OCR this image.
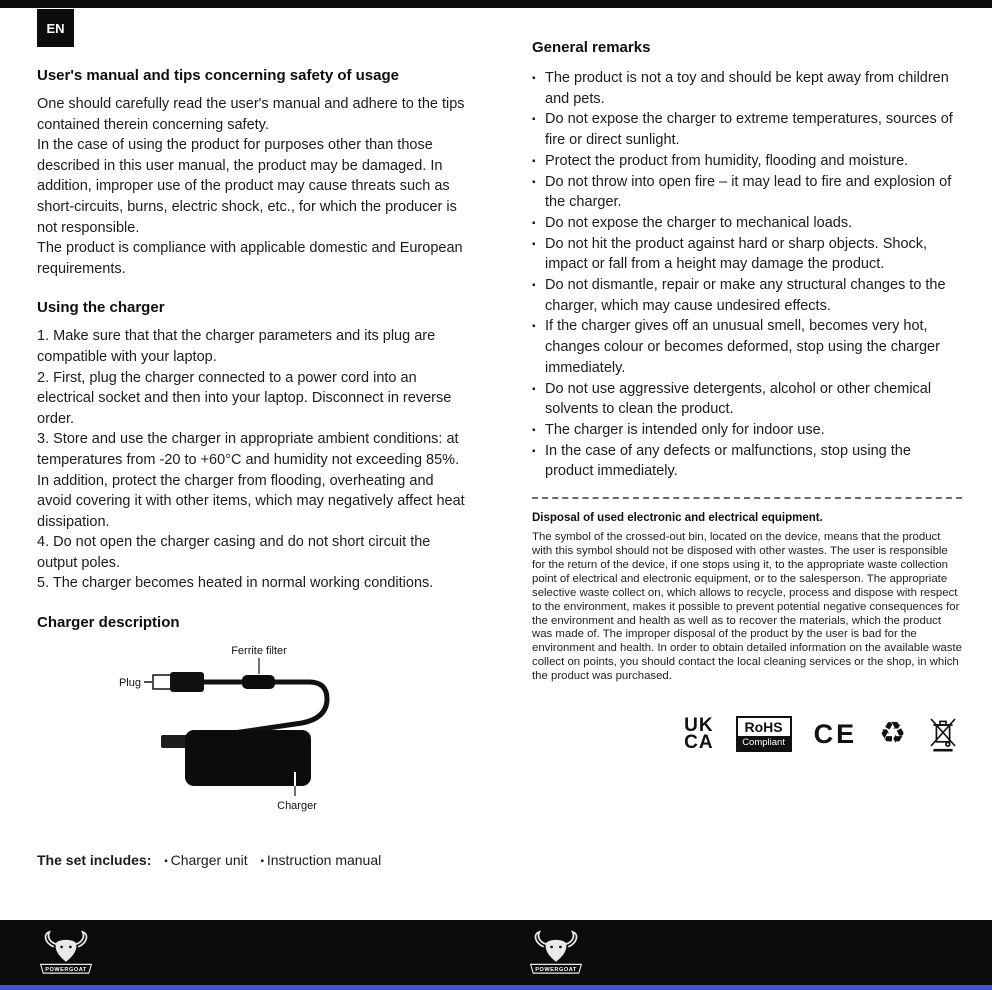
EN
User's manual and tips concerning safety of usage

One should carefully read the user's manual and adhere to the tips contained therein concerning safety.

In the case of using the product for purposes other than those described in this user manual, the product may be damaged. In addition, improper use of the product may cause threats such as short-circuits, burns, electric shock, etc., for which the producer is not responsible.

The product is compliance with applicable domestic and European requirements.

Using the charger

1. Make sure that that the charger parameters and its plug are compatible with your laptop.

2. First, plug the charger connected to a power cord into an electrical socket and then into your laptop. Disconnect in reverse order.

3. Store and use the charger in appropriate ambient conditions: at temperatures from -20 to +60°C and humidity not exceeding 85%. In addition, protect the charger from flooding, overheating and avoid covering it with other items, which may negatively affect heat dissipation.

4. Do not open the charger casing and do not short circuit the output poles.

5. The charger becomes heated in normal working conditions.

Charger description
Ferrite filter
Plug
Charger
The set includes: ▪ Charger unit ▪ Instruction manual
General remarks
▪ The product is not a toy and should be kept away from children and pets.
▪ Do not expose the charger to extreme temperatures, sources of fire or direct sunlight.
▪ Protect the product from humidity, flooding and moisture.
▪ Do not throw into open fire – it may lead to fire and explosion of the charger.
▪ Do not expose the charger to mechanical loads.
▪ Do not hit the product against hard or sharp objects. Shock, impact or fall from a height may damage the product.
▪ Do not dismantle, repair or make any structural changes to the charger, which may cause undesired effects.
▪ If the charger gives off an unusual smell, becomes very hot, changes colour or becomes deformed, stop using the charger immediately.
▪ Do not use aggressive detergents, alcohol or other chemical solvents to clean the product.
▪ The charger is intended only for indoor use.
▪ In the case of any defects or malfunctions, stop using the product immediately.
Disposal of used electronic and electrical equipment.

The symbol of the crossed-out bin, located on the device, means that the product with this symbol should not be disposed with other wastes. The user is responsible for the return of the device, if one stops using it, to the appropriate waste collection point of electrical and electronic equipment, or to the salesperson. The appropriate selective waste collect on, which allows to recycle, process and dispose with respect to the environment, makes it possible to prevent potential negative consequences for the environment and health as well as to recover the materials, which the product was made of. The improper disposal of the product by the user is bad for the environment and health. In order to obtain detailed information on the available waste collect on points, you should contact the local cleaning services or the shop, in which the product was purchased.

UK
CA
RoHS
Compliant CE ♻
POWERGOAT	POWERGOAT
